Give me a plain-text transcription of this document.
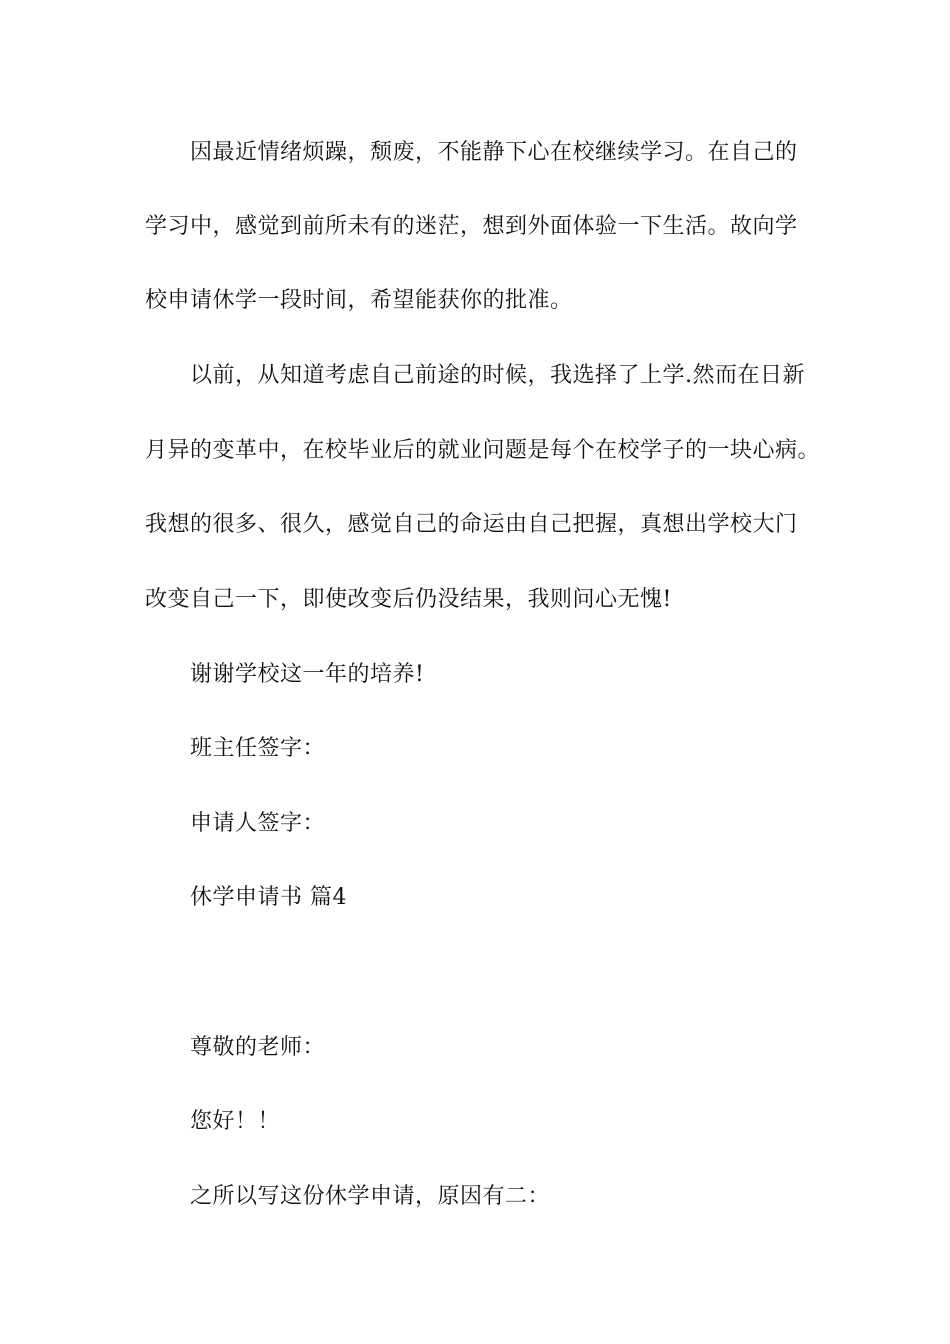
因最近情绪烦躁，颓废，不能静下心在校继续学习。在自己的
学习中，感觉到前所未有的迷茫，想到外面体验一下生活。故向学
校申请休学一段时间，希望能获你的批准。
以前，从知道考虑自己前途的时候，我选择了上学.然而在日新
月异的变革中，在校毕业后的就业问题是每个在校学子的一块心病。
我想的很多、很久，感觉自己的命运由自己把握，真想出学校大门
改变自己一下，即使改变后仍没结果，我则问心无愧!
谢谢学校这一年的培养!
班主任签字：
申请人签字：
休学申请书 篇4
尊敬的老师：
您好！！
之所以写这份休学申请，原因有二：
